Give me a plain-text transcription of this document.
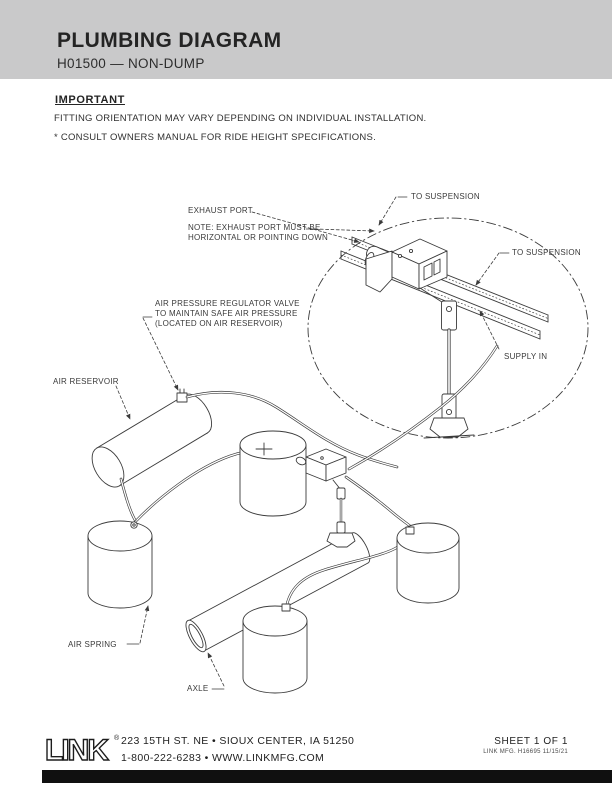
PLUMBING DIAGRAM
H01500 — NON-DUMP
IMPORTANT
FITTING ORIENTATION MAY VARY DEPENDING ON INDIVIDUAL INSTALLATION.
* CONSULT OWNERS MANUAL FOR RIDE HEIGHT SPECIFICATIONS.
EXHAUST PORT
NOTE: EXHAUST PORT MUST BE
HORIZONTAL OR POINTING DOWN
TO SUSPENSION
TO SUSPENSION
AIR PRESSURE REGULATOR VALVE
TO MAINTAIN SAFE AIR PRESSURE
(LOCATED ON AIR RESERVOIR)
SUPPLY IN
AIR RESERVOIR
AIR SPRING
AXLE
LINK	® 223 15TH ST. NE • SIOUX CENTER, IA 51250
1-800-222-6283 • WWW.LINKMFG.COM
SHEET 1 OF 1
LINK MFG. H16695 11/15/21
